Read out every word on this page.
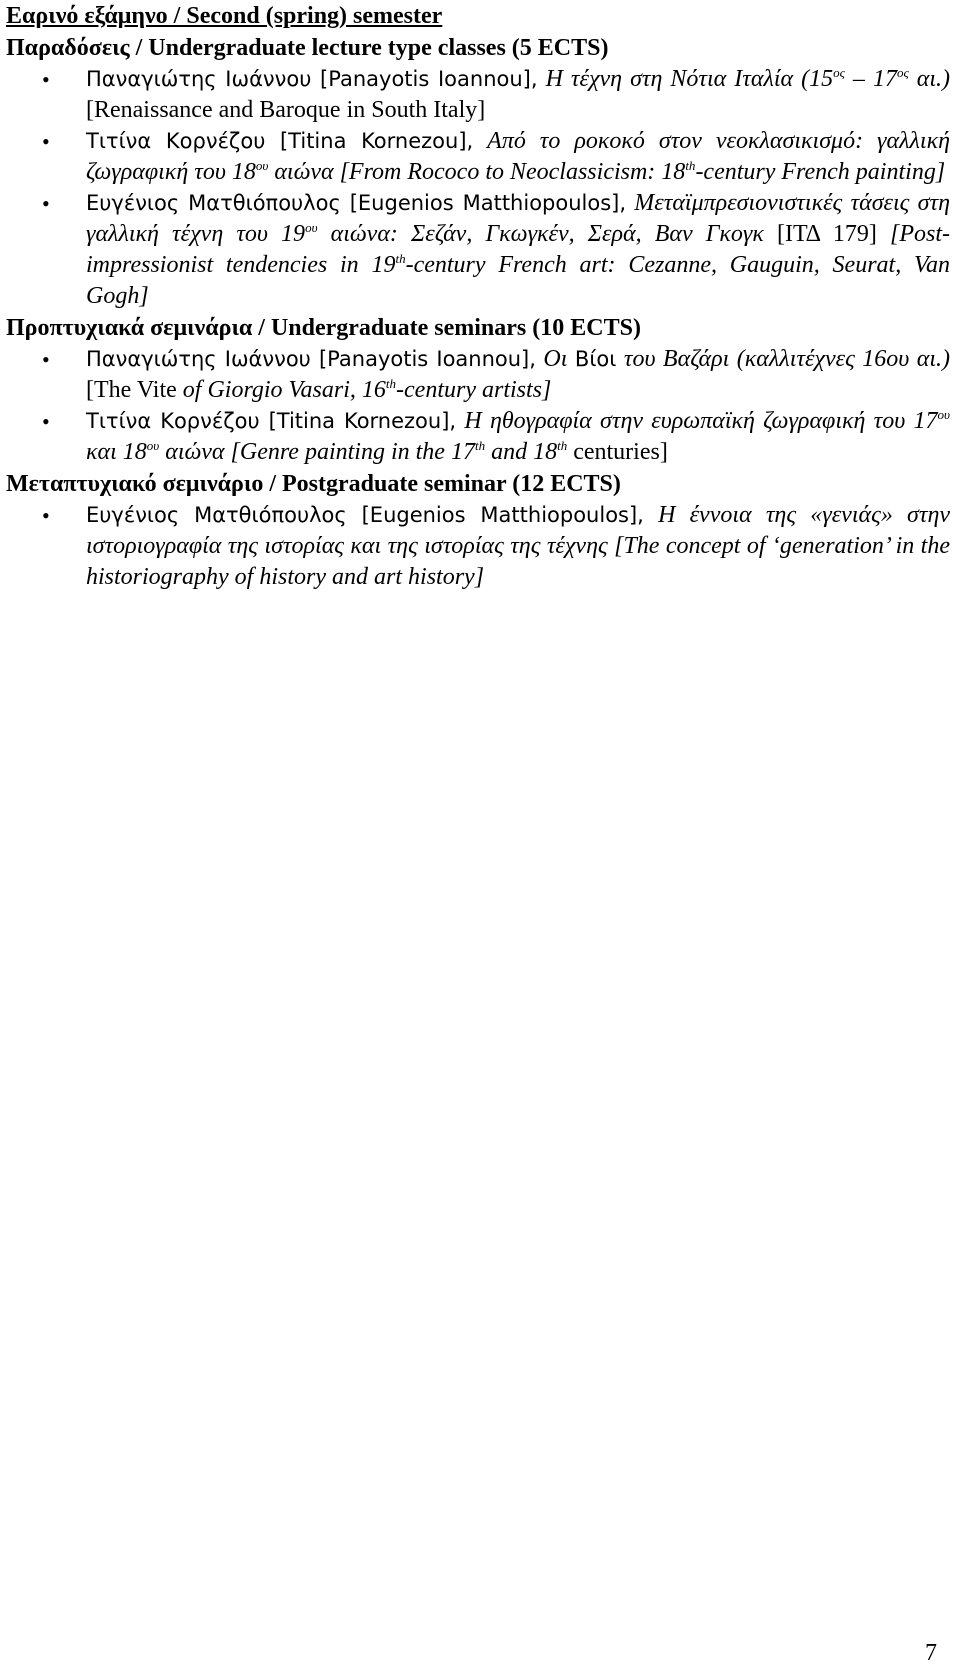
Εαρινό εξάμηνο / Second (spring) semester

Παραδόσεις / Undergraduate lecture type classes (5 ECTS)

• Παναγιώτης Ιωάννου [Panayotis Ioannou], Η τέχνη στη Νότια Ιταλία ($15^{o\varsigma} - 17^{o\varsigma}$ αι.) [Renaissance and Baroque in South Italy]

• Τιτίνα Κορνέζου [Titina Kornezou], Από το ροκοκό στον νεοκλασικισμό: γαλλική ζωγραφική του $18^{o\upsilon}$ αιώνα [From Rococo to Neoclassicism: 18th-century French painting]

• Ευγένιος Ματθιόπουλος [Eugenios Matthiopoulos], Μεταϊμπρεσιονιστικές τάσεις στη γαλλική τέχνη του $19^{o\upsilon}$ αιώνα: Σεζάν, Γκωγκέν, Σερά, Βαν Γκογκ [ΙΤΔ 179] [Post-impressionist tendencies in 19th-century French art: Cezanne, Gauguin, Seurat, Van Gogh]

Προπτυχιακά σεμινάρια / Undergraduate seminars (10 ECTS)

• Παναγιώτης Ιωάννου [Panayotis Ioannou], Οι Βίοι του Βαζάρι (καλλιτέχνες 16ου αι.) [The Vite of Giorgio Vasari, 16th-century artists]

• Τιτίνα Κορνέζου [Titina Kornezou], Η ηθογραφία στην ευρωπαϊκή ζωγραφική του $17^{o\upsilon}$ και $18^{o\upsilon}$ αιώνα [Genre painting in the 17th and 18th centuries]

Μεταπτυχιακό σεμινάριο / Postgraduate seminar (12 ECTS)

• Ευγένιος Ματθιόπουλος [Eugenios Matthiopoulos], Η έννοια της «γενιάς» στην ιστοριογραφία της ιστορίας και της ιστορίας της τέχνης [The concept of ‘generation’ in the historiography of history and art history]

7
